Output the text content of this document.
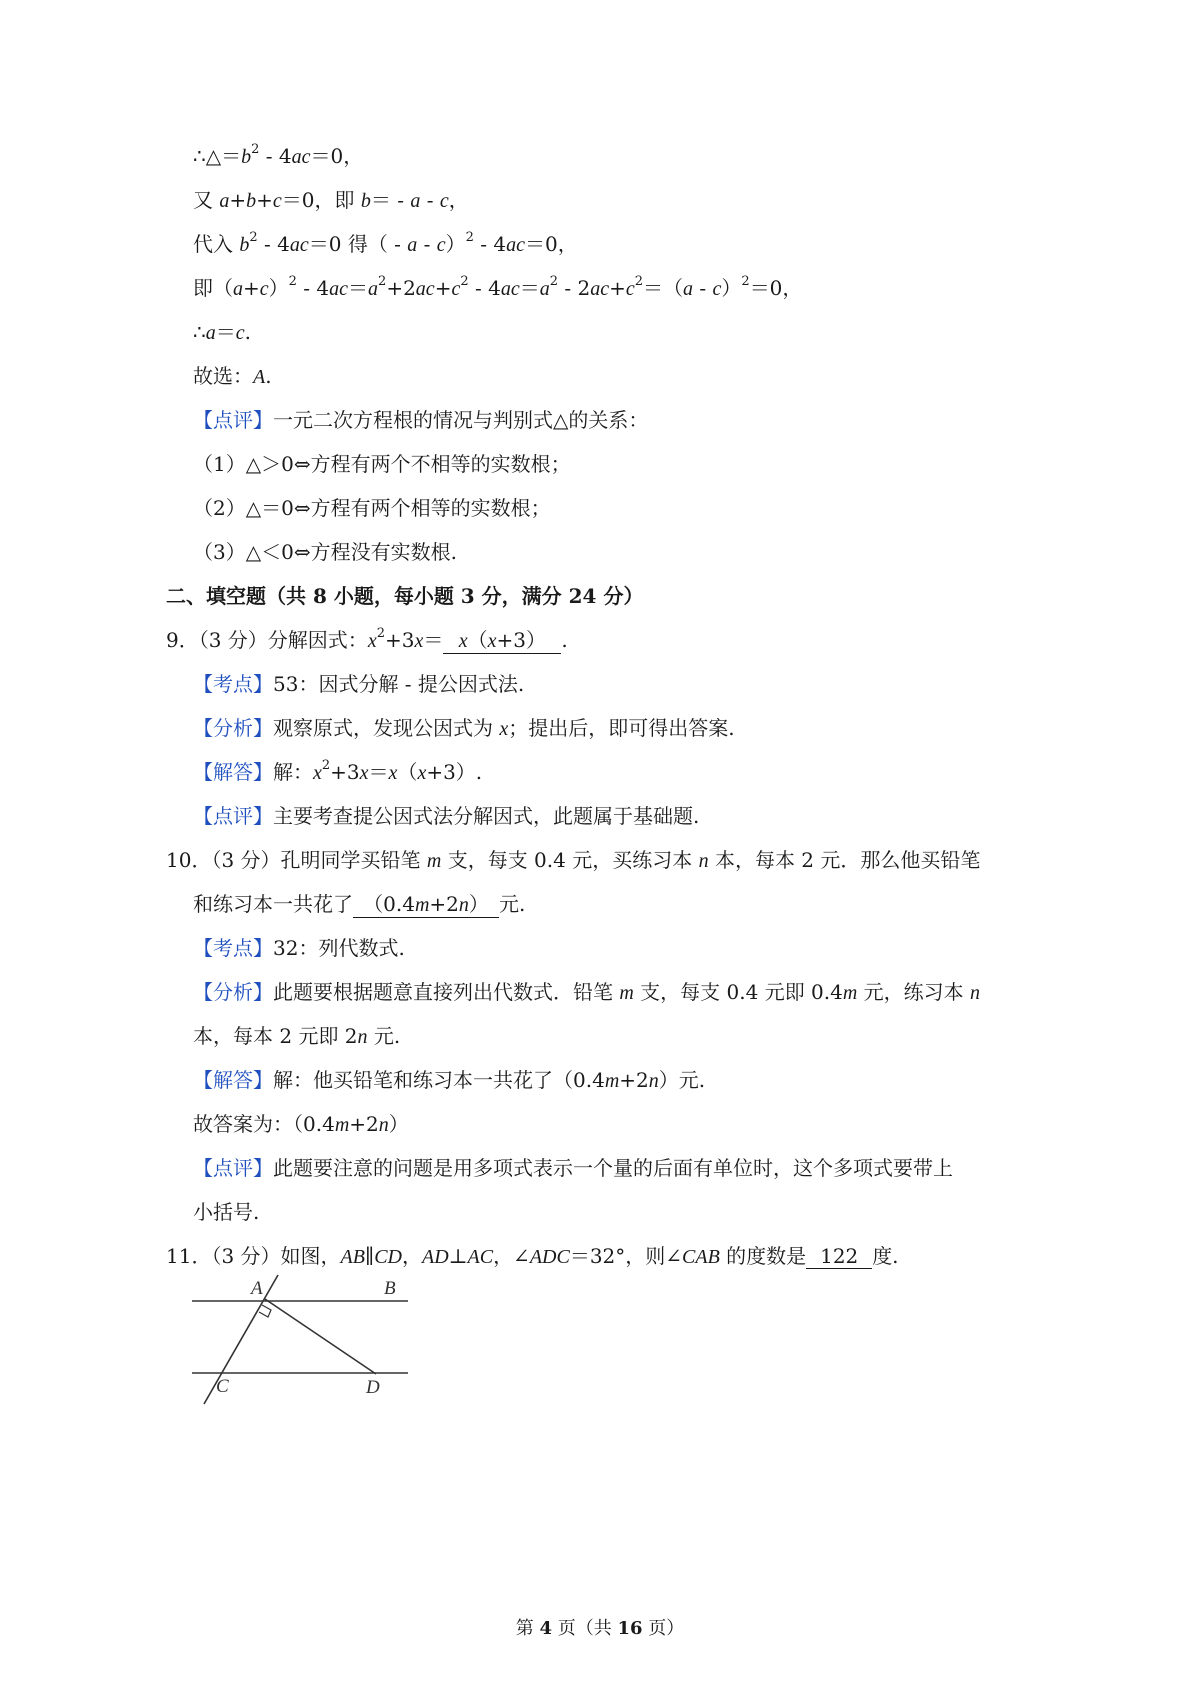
$\therefore\triangle=b^2 - 4ac=0$，
又 a+b+c＝0，即 b＝ - a - c，
代入 $b^2 - 4ac=0$ 得（ - a - c）$^2$ - 4ac＝0，
即$(a+c)^2 - 4ac=a^2+2ac+c^2 - 4ac=a^2 - 2ac+c^2=(a - c)^2=0$，
∴a＝c.
故选：A.
【点评】一元二次方程根的情况与判别式△的关系：
（1）△＞0⇔方程有两个不相等的实数根；
（2）△＝0⇔方程有两个相等的实数根；
（3）△＜0⇔方程没有实数根.
二、填空题（共 8 小题，每小题 3 分，满分 24 分）
9．（3 分）分解因式：$x^2+3x= x(x+3)$ .
【考点】53：因式分解 - 提公因式法.
【分析】观察原式，发现公因式为 x；提出后，即可得出答案.
【解答】解：$x^2+3x=x(x+3)$.
【点评】主要考查提公因式法分解因式，此题属于基础题.
10．（3 分）孔明同学买铅笔 m 支，每支 0.4 元，买练习本 n 本，每本 2 元．那么他买铅笔
和练习本一共花了 （0.4m+2n） 元.
【考点】32：列代数式.
【分析】此题要根据题意直接列出代数式．铅笔 m 支，每支 0.4 元即 0.4m 元，练习本 n
本，每本 2 元即 2n 元.
【解答】解：他买铅笔和练习本一共花了（0.4m+2n）元.
故答案为：（0.4m+2n）
【点评】此题要注意的问题是用多项式表示一个量的后面有单位时，这个多项式要带上
小括号.
11．（3 分）如图，AB∥CD，AD⊥AC，∠ADC＝32°，则∠CAB 的度数是 122 度.
A	B
C	D
第 4 页（共 16 页）
